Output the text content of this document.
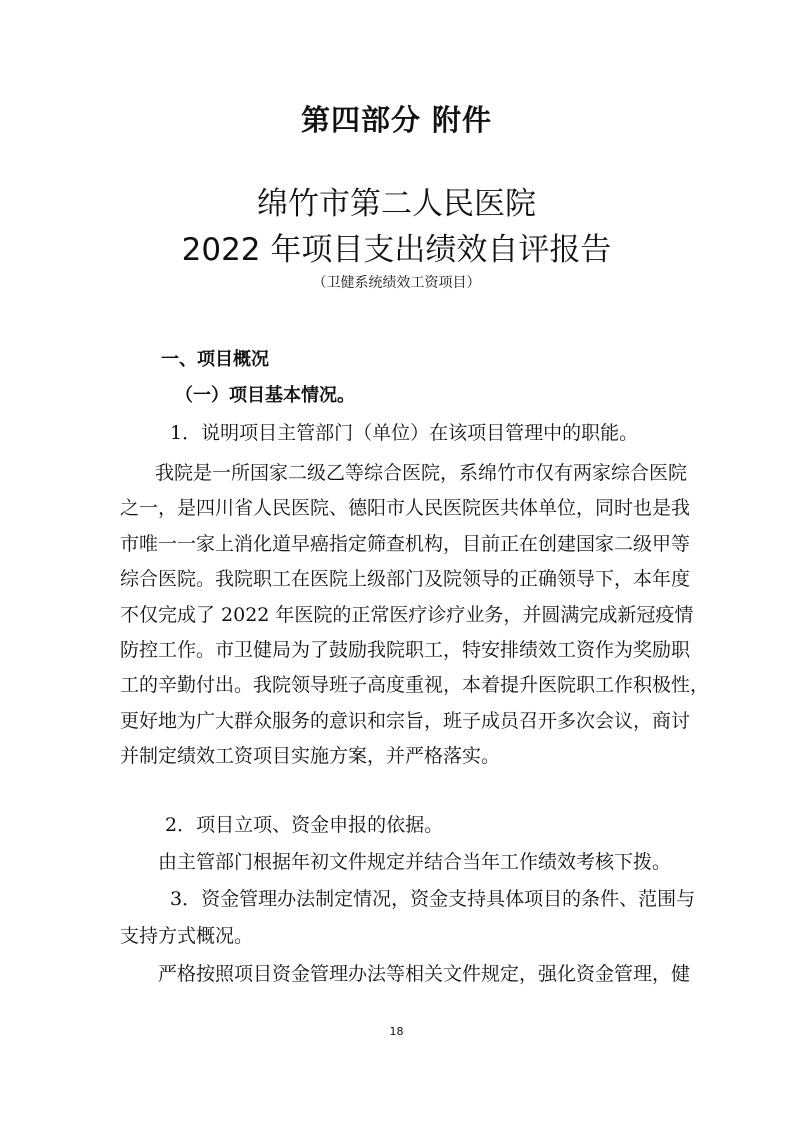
第四部分 附件
绵竹市第二人民医院
2022 年项目支出绩效自评报告
（卫健系统绩效工资项目）
一、项目概况
（一）项目基本情况。
1．说明项目主管部门（单位）在该项目管理中的职能。
我院是一所国家二级乙等综合医院，系绵竹市仅有两家综合医院
之一，是四川省人民医院、德阳市人民医院医共体单位，同时也是我
市唯一一家上消化道早癌指定筛查机构，目前正在创建国家二级甲等
综合医院。我院职工在医院上级部门及院领导的正确领导下，本年度
不仅完成了 2022 年医院的正常医疗诊疗业务，并圆满完成新冠疫情
防控工作。市卫健局为了鼓励我院职工，特安排绩效工资作为奖励职
工的辛勤付出。我院领导班子高度重视，本着提升医院职工作积极性，
更好地为广大群众服务的意识和宗旨，班子成员召开多次会议，商讨
并制定绩效工资项目实施方案，并严格落实。
2．项目立项、资金申报的依据。
由主管部门根据年初文件规定并结合当年工作绩效考核下拨。
3．资金管理办法制定情况，资金支持具体项目的条件、范围与
支持方式概况。
严格按照项目资金管理办法等相关文件规定，强化资金管理，健
18
